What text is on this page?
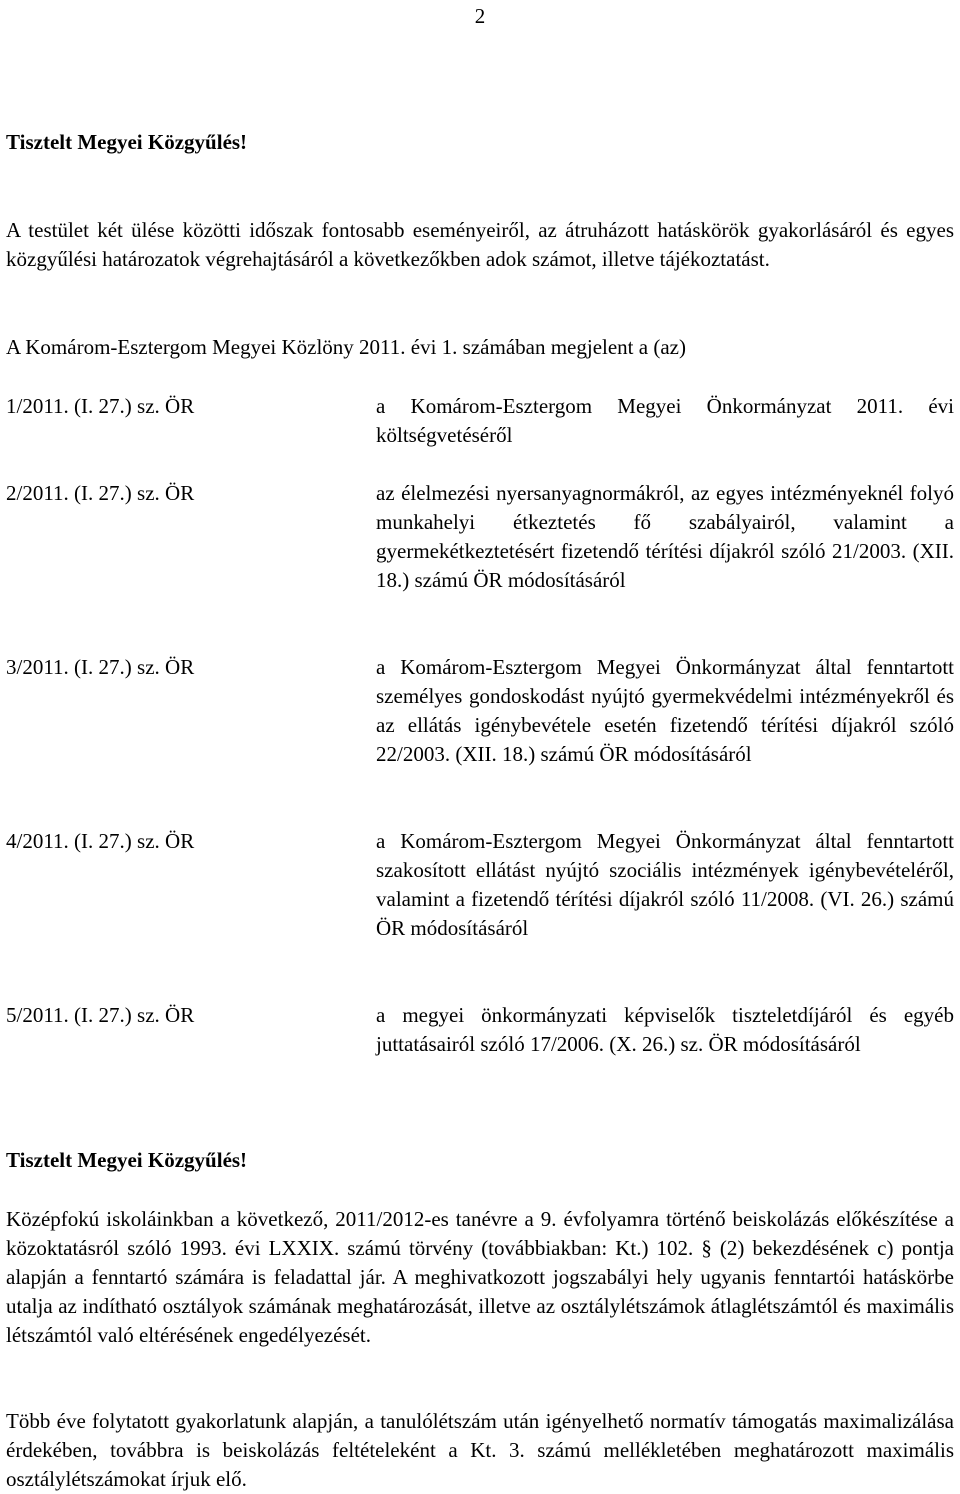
2
Tisztelt Megyei Közgyűlés!
A testület két ülése közötti időszak fontosabb eseményeiről, az átruházott hatáskörök gyakorlásáról és egyes közgyűlési határozatok végrehajtásáról a következőkben adok számot, illetve tájékoztatást.
A Komárom-Esztergom Megyei Közlöny 2011. évi 1. számában megjelent a (az)
1/2011. (I. 27.) sz. ÖR	a Komárom-Esztergom Megyei Önkormányzat 2011. évi költségvetéséről
2/2011. (I. 27.) sz. ÖR	az élelmezési nyersanyagnormákról, az egyes intézményeknél folyó munkahelyi étkeztetés fő szabályairól, valamint a gyermekétkeztetésért fizetendő térítési díjakról szóló 21/2003. (XII. 18.) számú ÖR módosításáról
3/2011. (I. 27.) sz. ÖR	a Komárom-Esztergom Megyei Önkormányzat által fenntartott személyes gondoskodást nyújtó gyermekvédelmi intézményekről és az ellátás igénybevétele esetén fizetendő térítési díjakról szóló 22/2003. (XII. 18.) számú ÖR módosításáról
4/2011. (I. 27.) sz. ÖR	a Komárom-Esztergom Megyei Önkormányzat által fenntartott szakosított ellátást nyújtó szociális intézmények igénybevételéről, valamint a fizetendő térítési díjakról szóló 11/2008. (VI. 26.) számú ÖR módosításáról
5/2011. (I. 27.) sz. ÖR	a megyei önkormányzati képviselők tiszteletdíjáról és egyéb juttatásairól szóló 17/2006. (X. 26.) sz. ÖR módosításáról
Tisztelt Megyei Közgyűlés!
Középfokú iskoláinkban a következő, 2011/2012-es tanévre a 9. évfolyamra történő beiskolázás előkészítése a közoktatásról szóló 1993. évi LXXIX. számú törvény (továbbiakban: Kt.) 102. § (2) bekezdésének c) pontja alapján a fenntartó számára is feladattal jár. A meghivatkozott jogszabályi hely ugyanis fenntartói hatáskörbe utalja az indítható osztályok számának meghatározását, illetve az osztálylétszámok átlaglétszámtól és maximális létszámtól való eltérésének engedélyezését.
Több éve folytatott gyakorlatunk alapján, a tanulólétszám után igényelhető normatív támogatás maximalizálása érdekében, továbbra is beiskolázás feltételeként a Kt. 3. számú mellékletében meghatározott maximális osztálylétszámokat írjuk elő.
